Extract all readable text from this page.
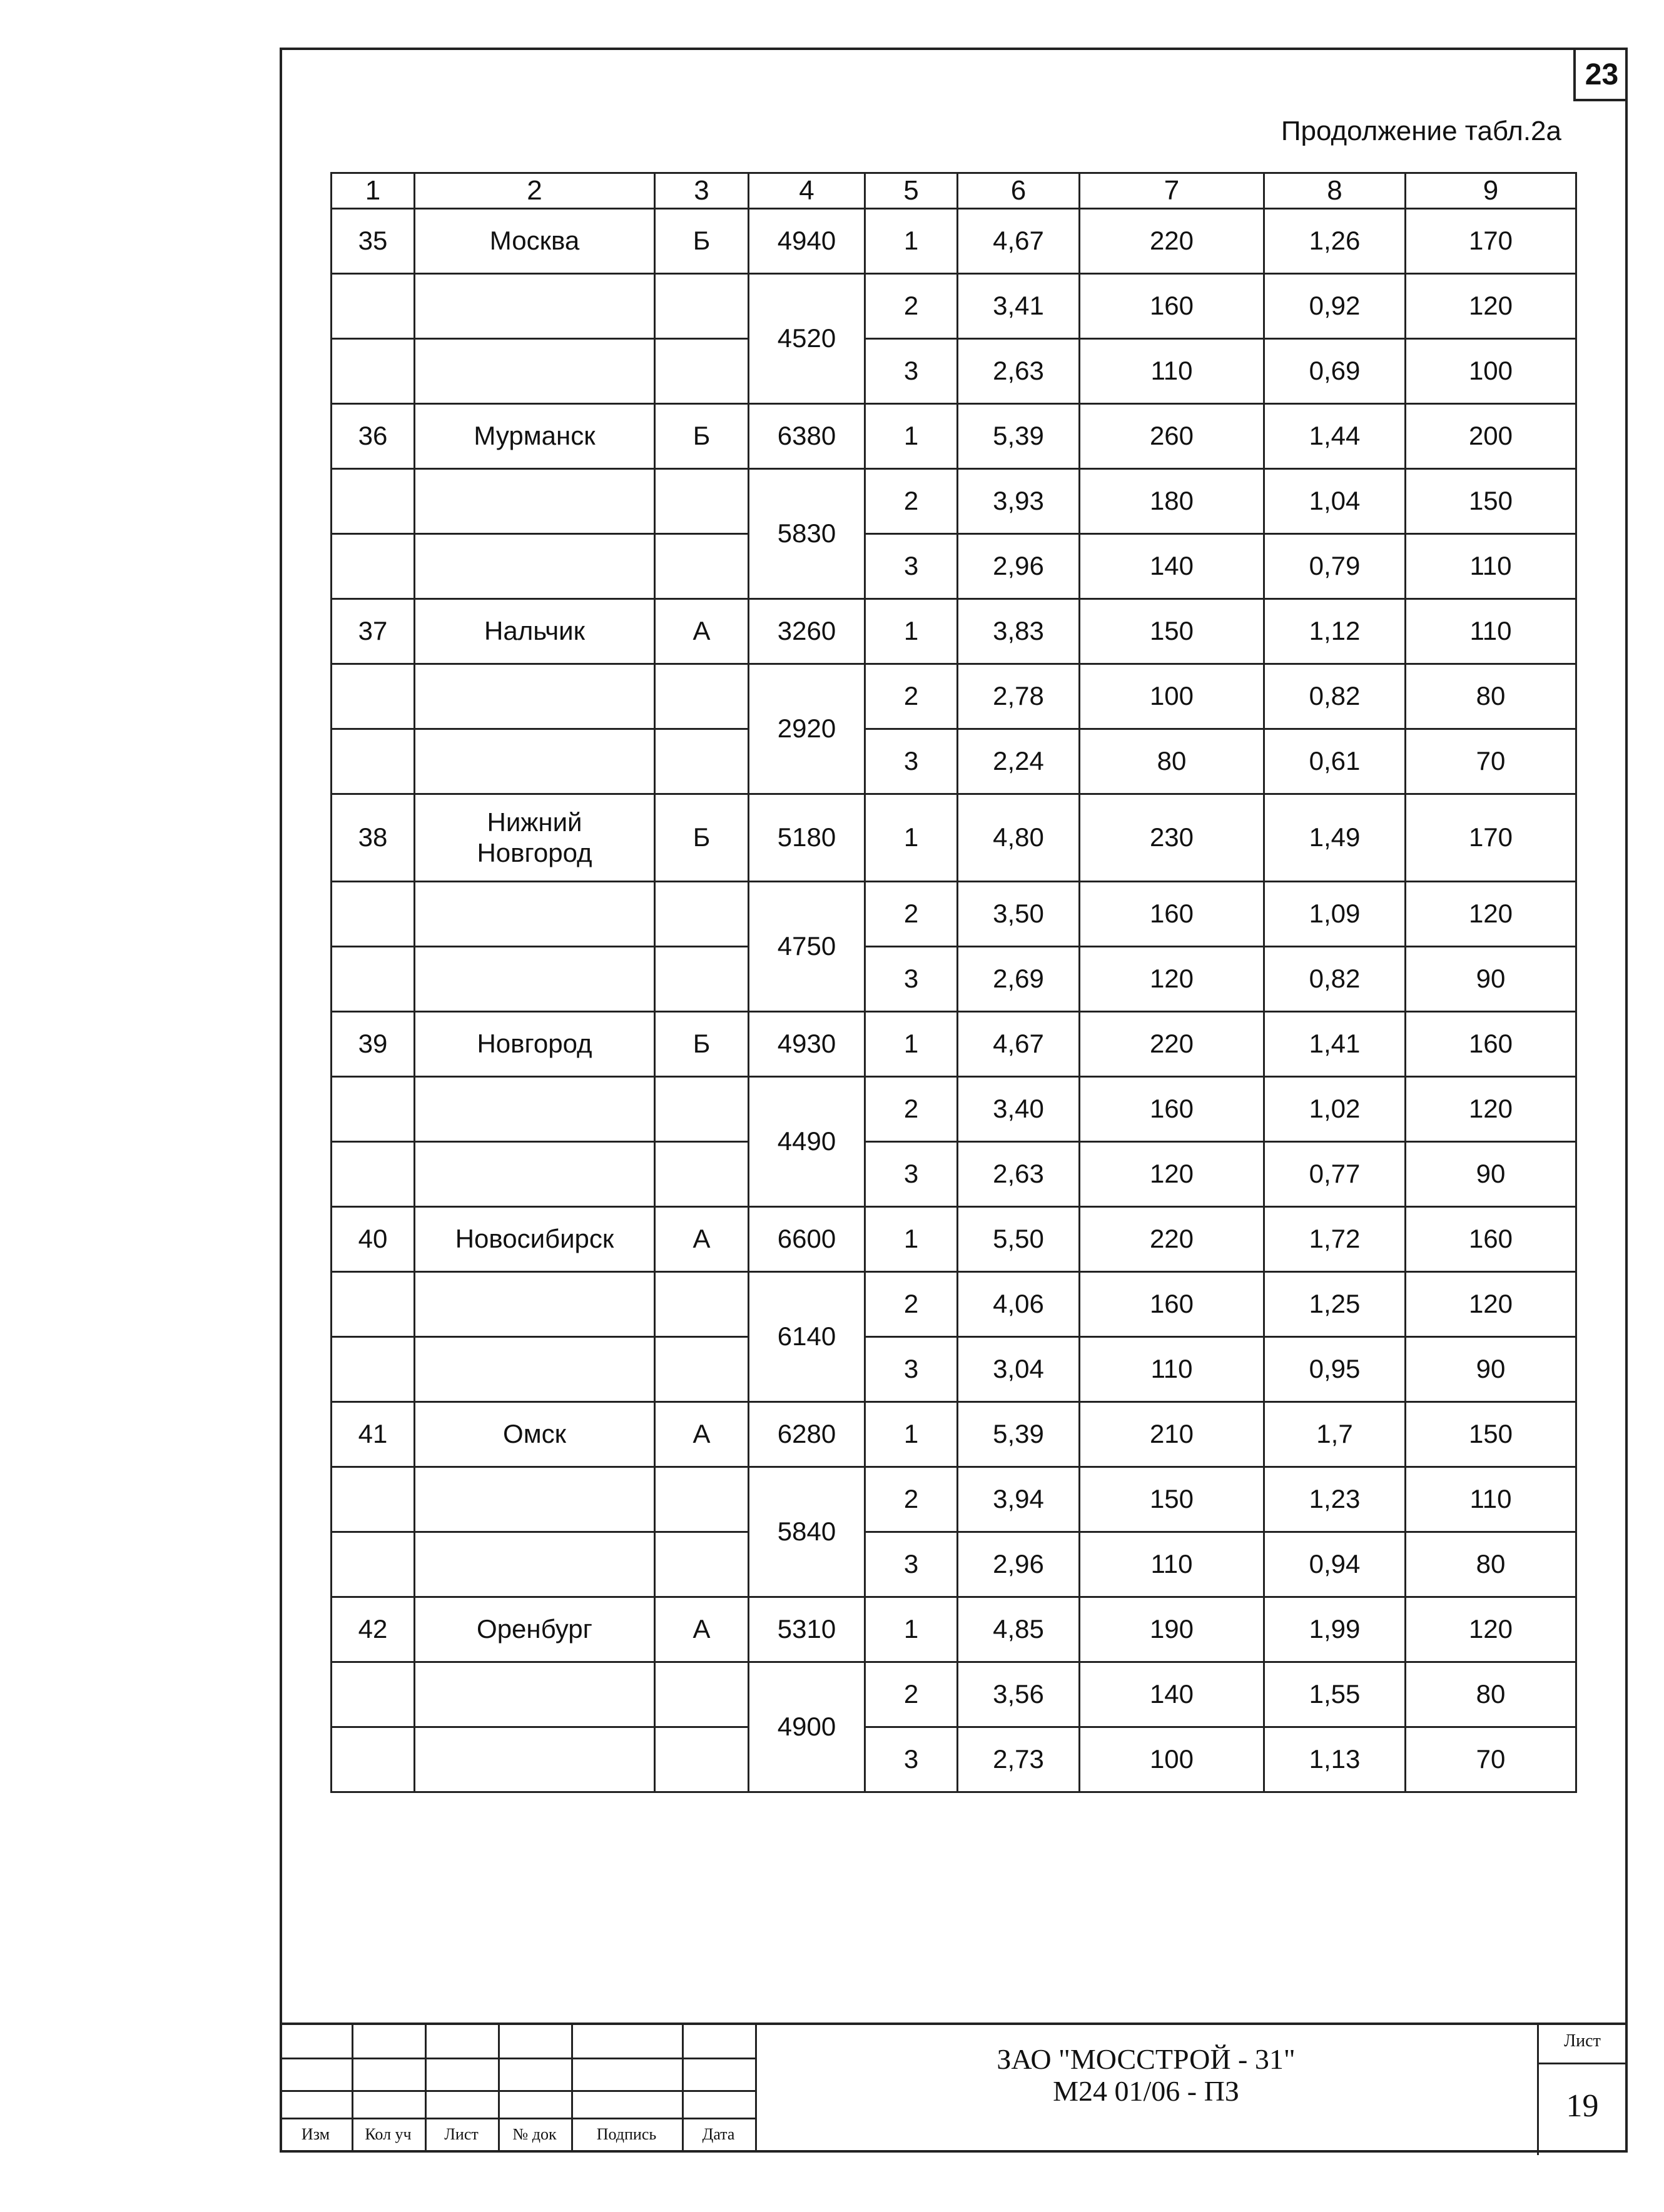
23
Продолжение табл.2а
1	2	3	4	5	6	7	8	9
35	Москва	Б	4940	1	4,67	220	1,26	170
			4520	2	3,41	160	0,92	120
				3	2,63	110	0,69	100
36	Мурманск	Б	6380	1	5,39	260	1,44	200
			5830	2	3,93	180	1,04	150
				3	2,96	140	0,79	110
37	Нальчик	А	3260	1	3,83	150	1,12	110
			2920	2	2,78	100	0,82	80
				3	2,24	80	0,61	70
38	Нижний Новгород	Б	5180	1	4,80	230	1,49	170
			4750	2	3,50	160	1,09	120
				3	2,69	120	0,82	90
39	Новгород	Б	4930	1	4,67	220	1,41	160
			4490	2	3,40	160	1,02	120
				3	2,63	120	0,77	90
40	Новосибирск	А	6600	1	5,50	220	1,72	160
			6140	2	4,06	160	1,25	120
				3	3,04	110	0,95	90
41	Омск	А	6280	1	5,39	210	1,7	150
			5840	2	3,94	150	1,23	110
				3	2,96	110	0,94	80
42	Оренбург	А	5310	1	4,85	190	1,99	120
			4900	2	3,56	140	1,55	80
				3	2,73	100	1,13	70
Изм	Кол уч	Лист	№ док	Подпись	Дата
ЗАО "МОССТРОЙ - 31"
М24 01/06 - ПЗ
Лист
19
